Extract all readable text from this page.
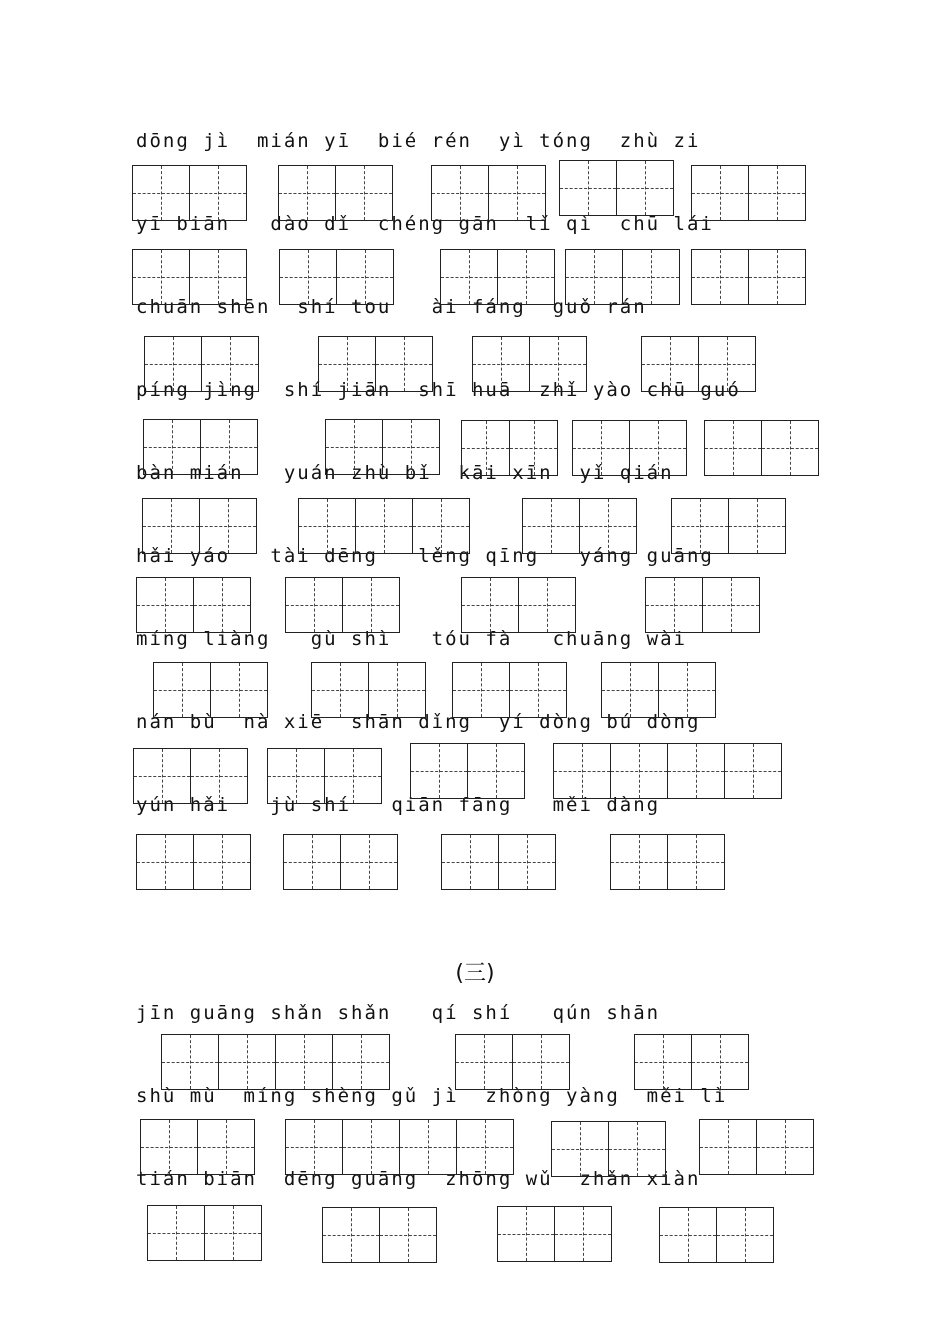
dōng jì  mián yī  bié rén  yì tóng  zhù zi
yī biān   dào dǐ  chéng gān  lǐ qì  chū lái
chuān shēn  shí tou   ài fáng  guǒ rán
píng jìng  shí jiān  shī huā  zhǐ yào chū guó
bàn mián   yuán zhù bǐ  kāi xīn  yǐ qián
hǎi yáo   tài dēng   lěng qīng   yáng guāng
míng liàng   gù shì   tóu fà   chuāng wài
nán bù  nà xiē  shān dǐng  yí dòng bú dòng
yún hǎi   jù shí   qiān fāng   měi dàng
(三)
jīn guāng shǎn shǎn   qí shí   qún shān
shù mù  míng shèng gǔ jì  zhòng yàng  měi lì
tián biān  dēng guāng  zhōng wǔ  zhǎn xiàn
